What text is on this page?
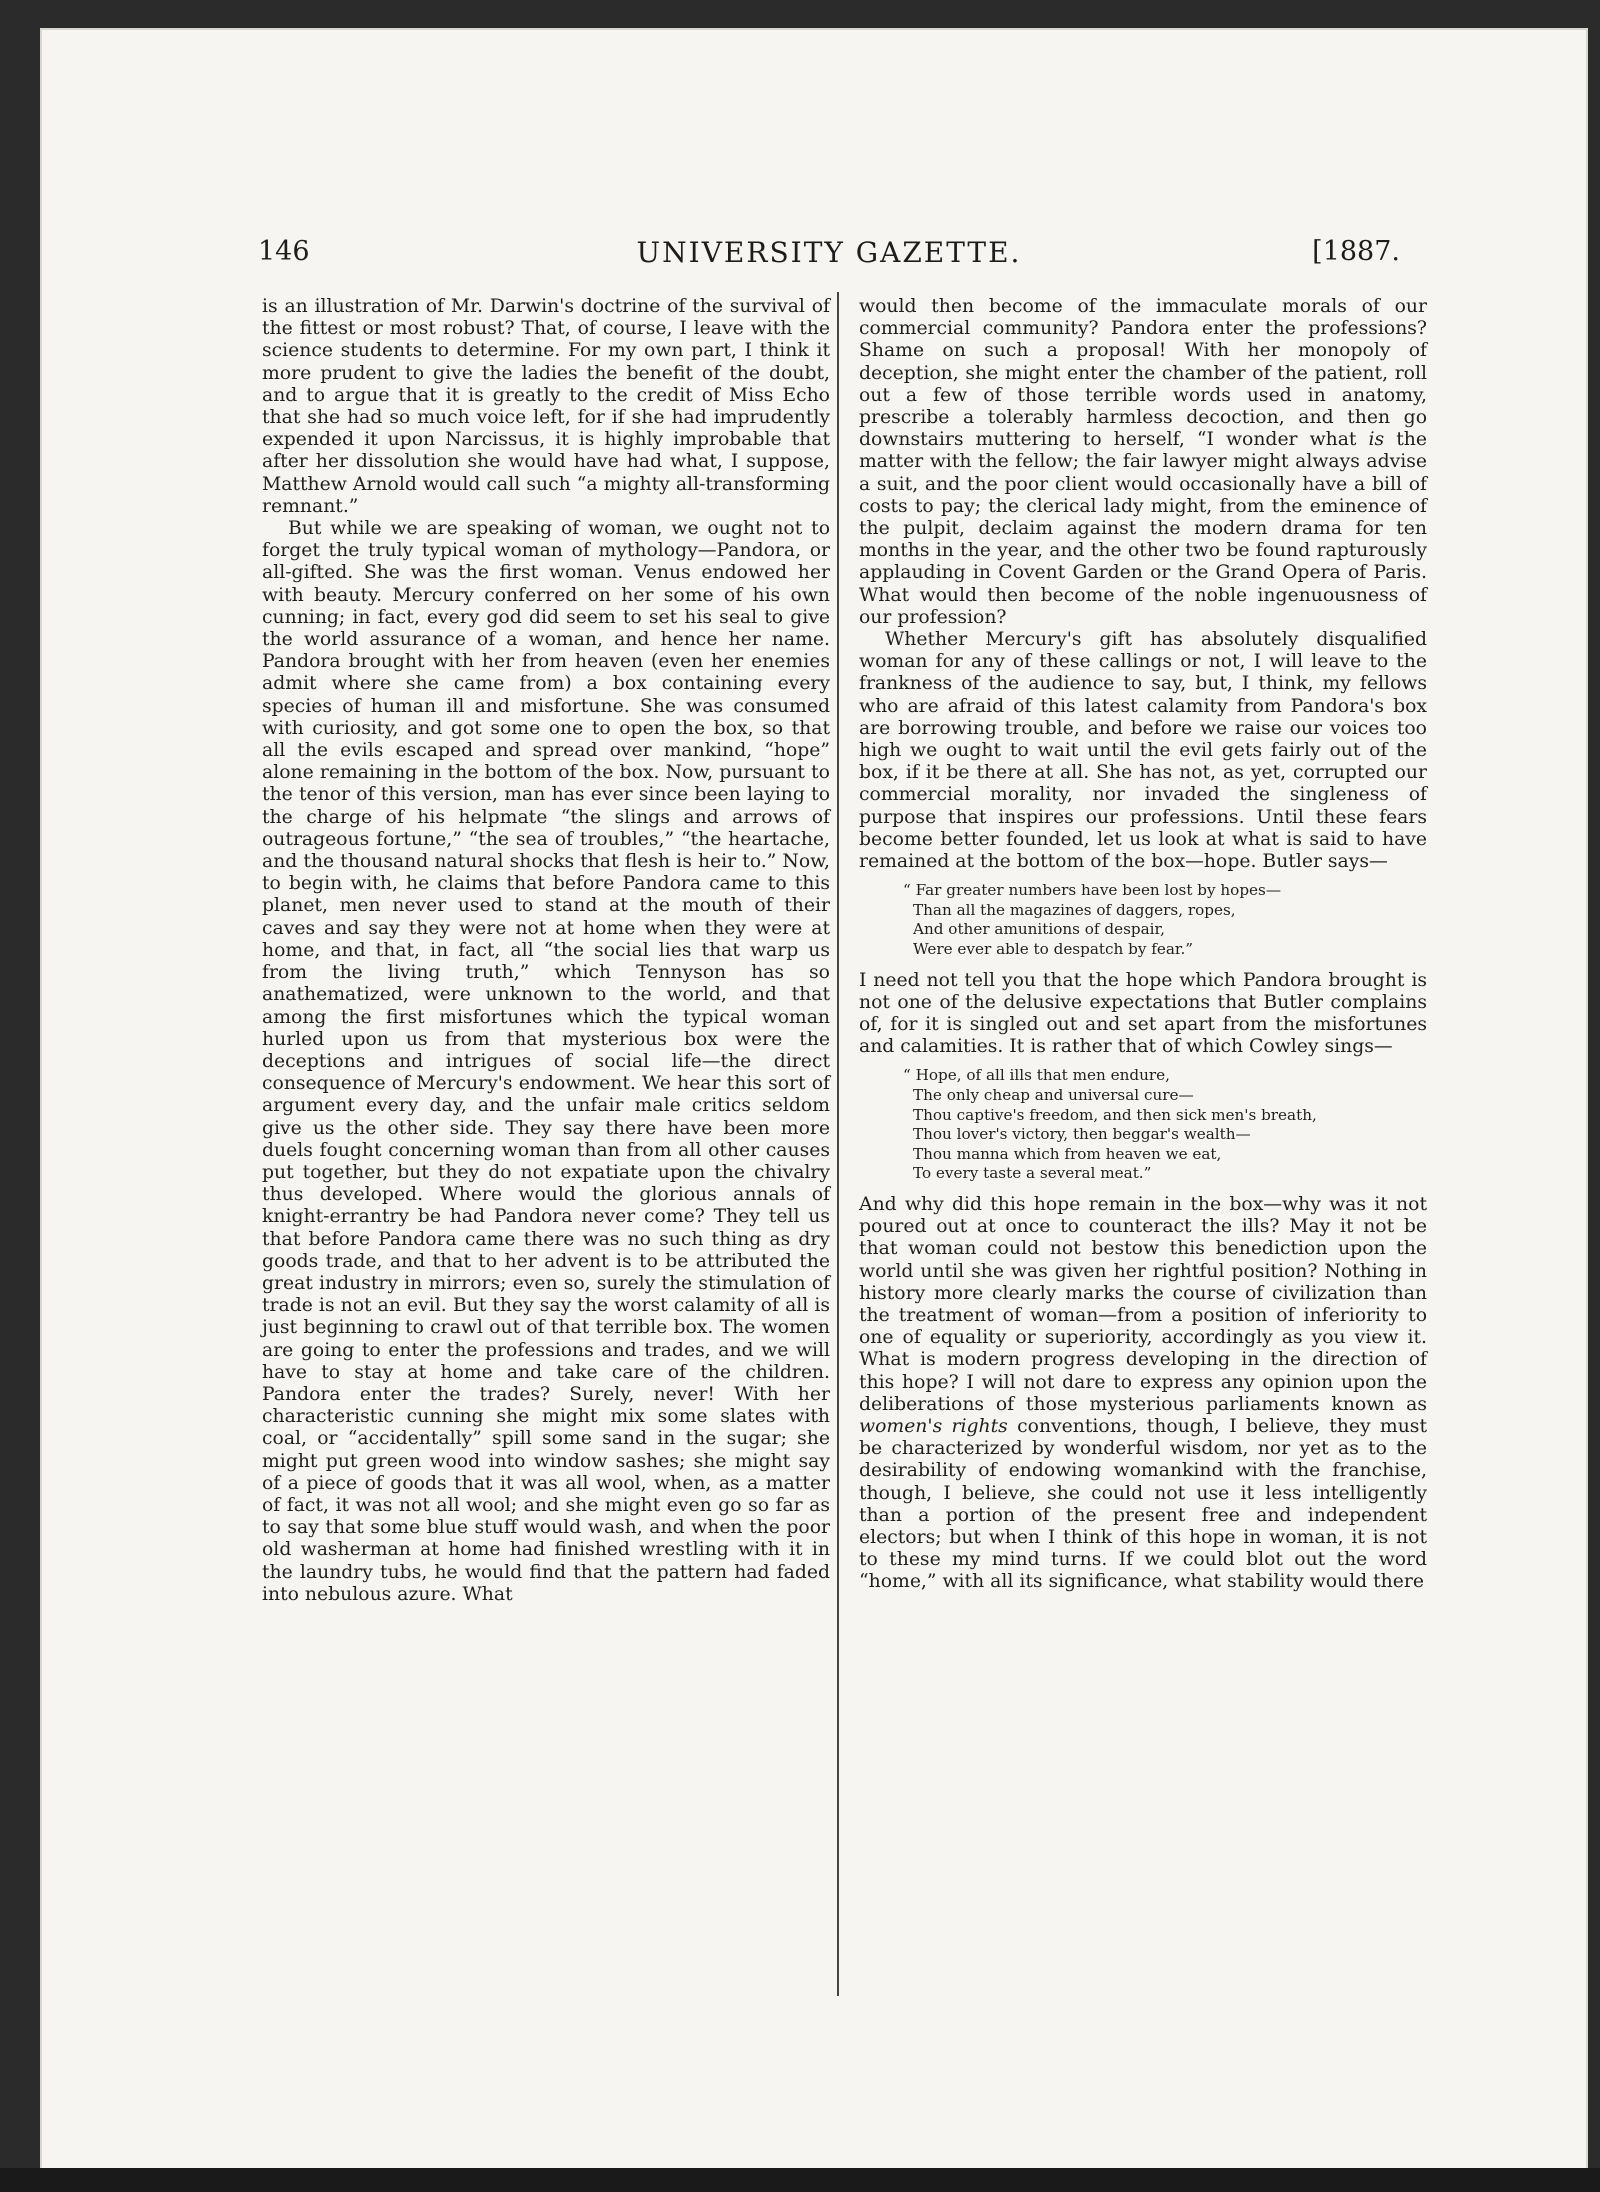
146	UNIVERSITY GAZETTE.	[1887.

is an illustration of Mr. Darwin's doctrine of the survival of the fittest or most robust? That, of course, I leave with the science students to determine. For my own part, I think it more prudent to give the ladies the benefit of the doubt, and to argue that it is greatly to the credit of Miss Echo that she had so much voice left, for if she had imprudently expended it upon Narcissus, it is highly improbable that after her dissolution she would have had what, I suppose, Matthew Arnold would call such “a mighty all-transforming remnant.”

But while we are speaking of woman, we ought not to forget the truly typical woman of mythology—Pandora, or all-gifted. She was the first woman. Venus endowed her with beauty. Mercury conferred on her some of his own cunning; in fact, every god did seem to set his seal to give the world assurance of a woman, and hence her name. Pandora brought with her from heaven (even her enemies admit where she came from) a box containing every species of human ill and misfortune. She was consumed with curiosity, and got some one to open the box, so that all the evils escaped and spread over mankind, “hope” alone remaining in the bottom of the box. Now, pursuant to the tenor of this version, man has ever since been laying to the charge of his helpmate “the slings and arrows of outrageous fortune,” “the sea of troubles,” “the heartache, and the thousand natural shocks that flesh is heir to.” Now, to begin with, he claims that before Pandora came to this planet, men never used to stand at the mouth of their caves and say they were not at home when they were at home, and that, in fact, all “the social lies that warp us from the living truth,” which Tennyson has so anathematized, were unknown to the world, and that among the first misfortunes which the typical woman hurled upon us from that mysterious box were the deceptions and intrigues of social life—the direct consequence of Mercury's endowment. We hear this sort of argument every day, and the unfair male critics seldom give us the other side. They say there have been more duels fought concerning woman than from all other causes put together, but they do not expatiate upon the chivalry thus developed. Where would the glorious annals of knight-errantry be had Pandora never come? They tell us that before Pandora came there was no such thing as dry goods trade, and that to her advent is to be attributed the great industry in mirrors; even so, surely the stimulation of trade is not an evil. But they say the worst calamity of all is just beginning to crawl out of that terrible box. The women are going to enter the professions and trades, and we will have to stay at home and take care of the children. Pandora enter the trades? Surely, never! With her characteristic cunning she might mix some slates with coal, or “accidentally” spill some sand in the sugar; she might put green wood into window sashes; she might say of a piece of goods that it was all wool, when, as a matter of fact, it was not all wool; and she might even go so far as to say that some blue stuff would wash, and when the poor old washerman at home had finished wrestling with it in the laundry tubs, he would find that the pattern had faded into nebulous azure. What

would then become of the immaculate morals of our commercial community? Pandora enter the professions? Shame on such a proposal! With her monopoly of deception, she might enter the chamber of the patient, roll out a few of those terrible words used in anatomy, prescribe a tolerably harmless decoction, and then go downstairs muttering to herself, “I wonder what is the matter with the fellow; the fair lawyer might always advise a suit, and the poor client would occasionally have a bill of costs to pay; the clerical lady might, from the eminence of the pulpit, declaim against the modern drama for ten months in the year, and the other two be found rapturously applauding in Covent Garden or the Grand Opera of Paris. What would then become of the noble ingenuousness of our profession?

Whether Mercury's gift has absolutely disqualified woman for any of these callings or not, I will leave to the frankness of the audience to say, but, I think, my fellows who are afraid of this latest calamity from Pandora's box are borrowing trouble, and before we raise our voices too high we ought to wait until the evil gets fairly out of the box, if it be there at all. She has not, as yet, corrupted our commercial morality, nor invaded the singleness of purpose that inspires our professions. Until these fears become better founded, let us look at what is said to have remained at the bottom of the box—hope. Butler says—

“ Far greater numbers have been lost by hopes—
Than all the magazines of daggers, ropes,
And other amunitions of despair,
Were ever able to despatch by fear.”

I need not tell you that the hope which Pandora brought is not one of the delusive expectations that Butler complains of, for it is singled out and set apart from the misfortunes and calamities. It is rather that of which Cowley sings—

“ Hope, of all ills that men endure,
The only cheap and universal cure—
Thou captive's freedom, and then sick men's breath,
Thou lover's victory, then beggar's wealth—
Thou manna which from heaven we eat,
To every taste a several meat.”

And why did this hope remain in the box—why was it not poured out at once to counteract the ills? May it not be that woman could not bestow this benediction upon the world until she was given her rightful position? Nothing in history more clearly marks the course of civilization than the treatment of woman—from a position of inferiority to one of equality or superiority, accordingly as you view it. What is modern progress developing in the direction of this hope? I will not dare to express any opinion upon the deliberations of those mysterious parliaments known as women's rights conventions, though, I believe, they must be characterized by wonderful wisdom, nor yet as to the desirability of endowing womankind with the franchise, though, I believe, she could not use it less intelligently than a portion of the present free and independent electors; but when I think of this hope in woman, it is not to these my mind turns. If we could blot out the word “home,” with all its significance, what stability would there
